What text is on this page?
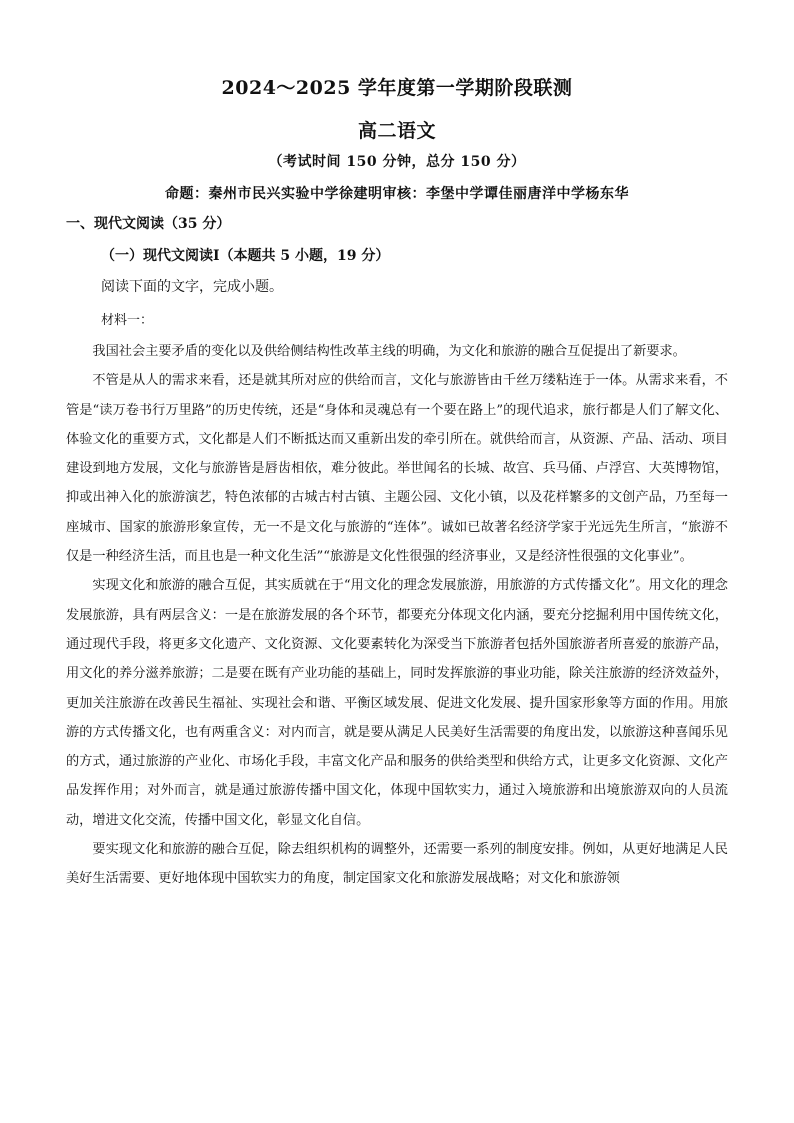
2024～2025 学年度第一学期阶段联测
高二语文
（考试时间 150 分钟，总分 150 分）
命题：秦州市民兴实验中学徐建明审核：李堡中学谭佳丽唐洋中学杨东华
一、现代文阅读（35 分）
（一）现代文阅读Ⅰ（本题共 5 小题，19 分）
阅读下面的文字，完成小题。
材料一：

我国社会主要矛盾的变化以及供给侧结构性改革主线的明确，为文化和旅游的融合互促提出了新要求。

不管是从人的需求来看，还是就其所对应的供给而言，文化与旅游皆由千丝万缕粘连于一体。从需求来看，不管是“读万卷书行万里路”的历史传统，还是“身体和灵魂总有一个要在路上”的现代追求，旅行都是人们了解文化、体验文化的重要方式，文化都是人们不断抵达而又重新出发的牵引所在。就供给而言，从资源、产品、活动、项目建设到地方发展，文化与旅游皆是唇齿相依，难分彼此。举世闻名的长城、故宫、兵马俑、卢浮宫、大英博物馆，抑或出神入化的旅游演艺，特色浓郁的古城古村古镇、主题公园、文化小镇，以及花样繁多的文创产品，乃至每一座城市、国家的旅游形象宣传，无一不是文化与旅游的“连体”。诚如已故著名经济学家于光远先生所言，“旅游不仅是一种经济生活，而且也是一种文化生活”“旅游是文化性很强的经济事业，又是经济性很强的文化事业”。

实现文化和旅游的融合互促，其实质就在于“用文化的理念发展旅游，用旅游的方式传播文化”。用文化的理念发展旅游，具有两层含义：一是在旅游发展的各个环节，都要充分体现文化内涵，要充分挖掘利用中国传统文化，通过现代手段，将更多文化遗产、文化资源、文化要素转化为深受当下旅游者包括外国旅游者所喜爱的旅游产品，用文化的养分滋养旅游；二是要在既有产业功能的基础上，同时发挥旅游的事业功能，除关注旅游的经济效益外，更加关注旅游在改善民生福祉、实现社会和谐、平衡区域发展、促进文化发展、提升国家形象等方面的作用。用旅游的方式传播文化，也有两重含义：对内而言，就是要从满足人民美好生活需要的角度出发，以旅游这种喜闻乐见的方式，通过旅游的产业化、市场化手段，丰富文化产品和服务的供给类型和供给方式，让更多文化资源、文化产品发挥作用；对外而言，就是通过旅游传播中国文化，体现中国软实力，通过入境旅游和出境旅游双向的人员流动，增进文化交流，传播中国文化，彰显文化自信。

要实现文化和旅游的融合互促，除去组织机构的调整外，还需要一系列的制度安排。例如，从更好地满足人民美好生活需要、更好地体现中国软实力的角度，制定国家文化和旅游发展战略；对文化和旅游领
